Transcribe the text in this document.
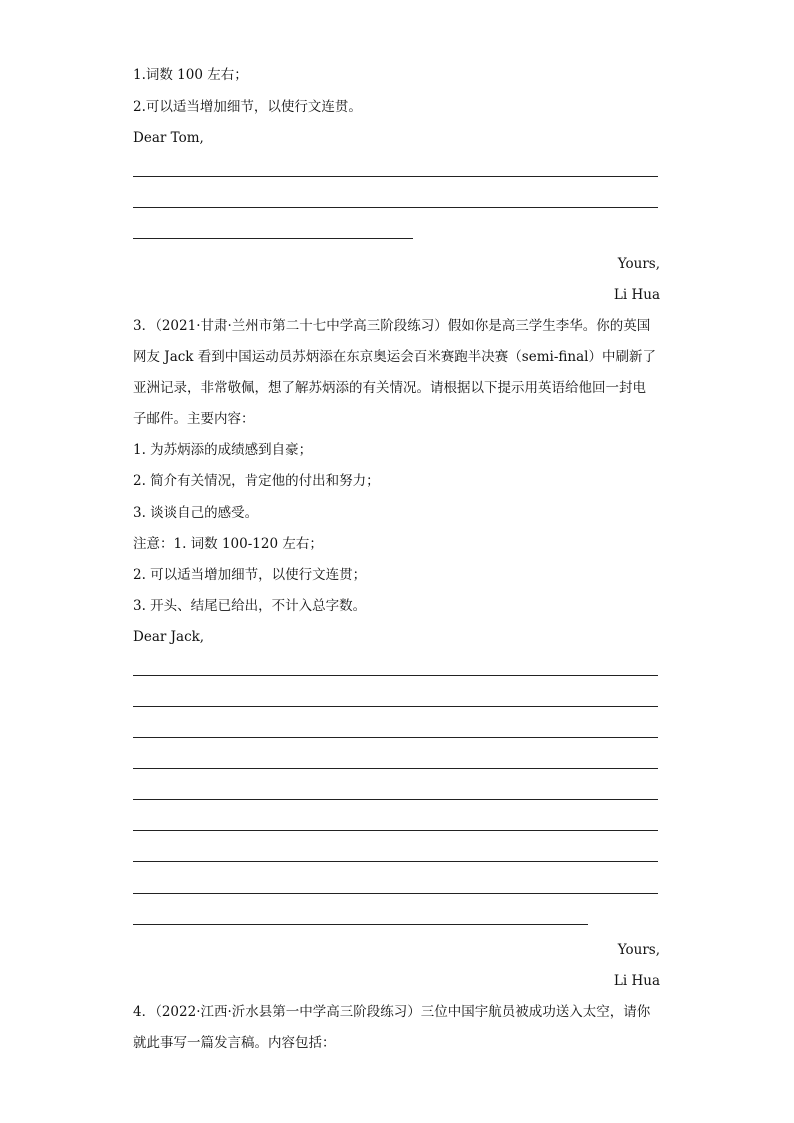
1.词数 100 左右；
2.可以适当增加细节，以使行文连贯。
Dear Tom,
Yours,
Li Hua
3．（2021·甘肃·兰州市第二十七中学高三阶段练习）假如你是高三学生李华。你的英国
网友 Jack 看到中国运动员苏炳添在东京奥运会百米赛跑半决赛（semi-final）中刷新了
亚洲记录，非常敬佩，想了解苏炳添的有关情况。请根据以下提示用英语给他回一封电
子邮件。主要内容：
1. 为苏炳添的成绩感到自豪；
2. 简介有关情况，肯定他的付出和努力；
3. 谈谈自己的感受。
注意：1. 词数 100-120 左右；
2. 可以适当增加细节，以使行文连贯；
3. 开头、结尾已给出，不计入总字数。
Dear Jack,
Yours,
Li Hua
4．（2022·江西·沂水县第一中学高三阶段练习）三位中国宇航员被成功送入太空，请你
就此事写一篇发言稿。内容包括：
